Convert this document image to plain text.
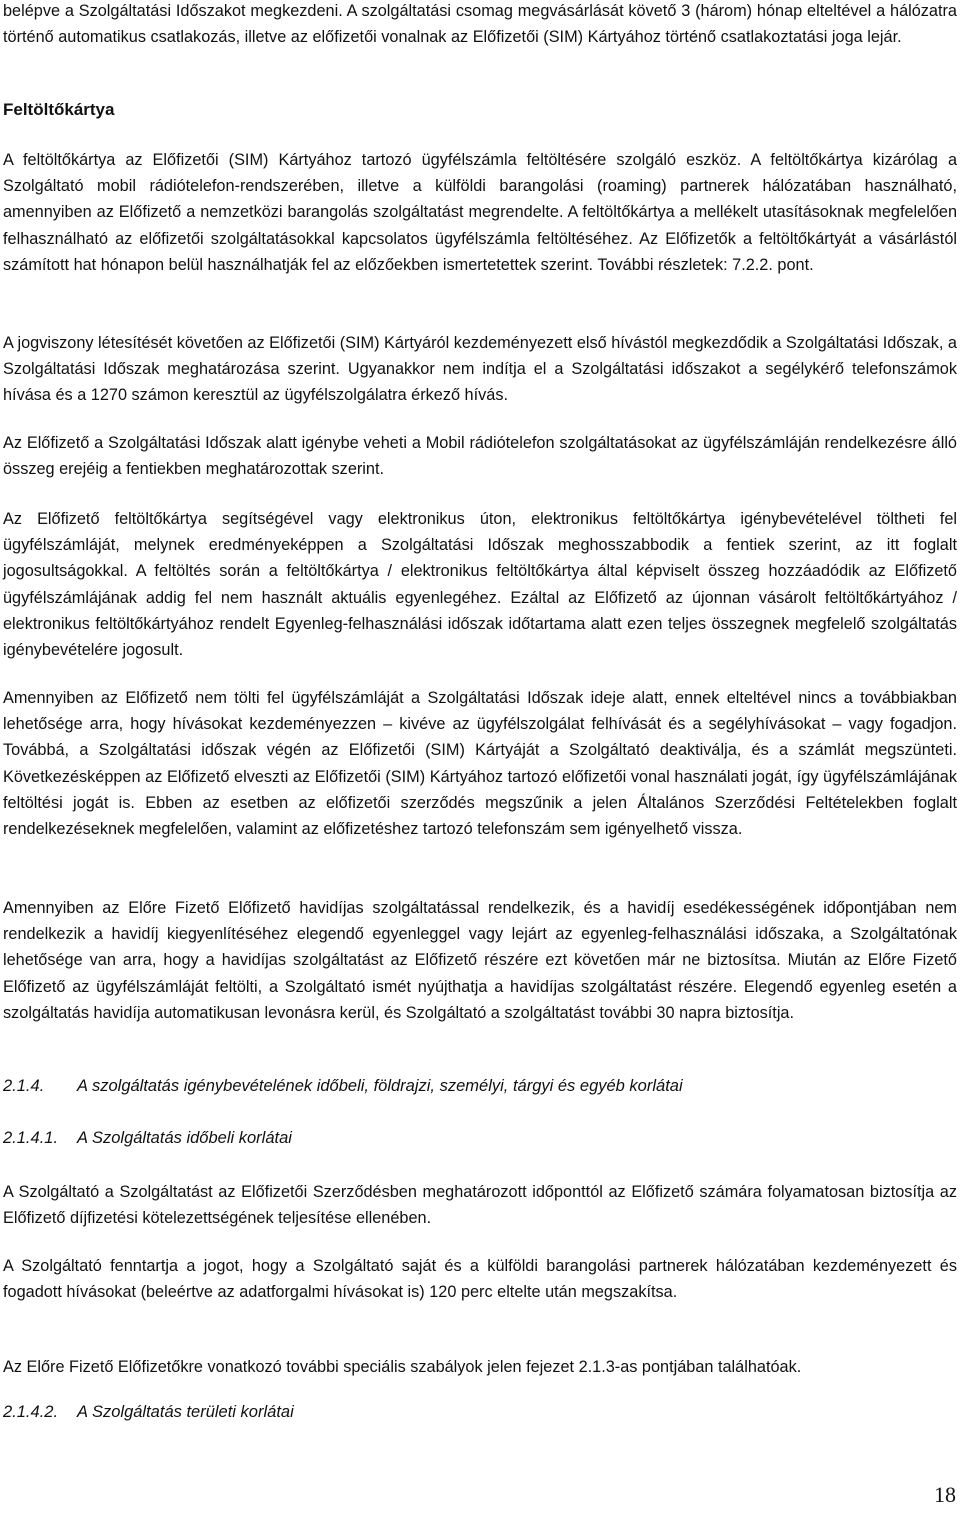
belépve a Szolgáltatási Időszakot megkezdeni. A szolgáltatási csomag megvásárlását követő 3 (három) hónap elteltével a hálózatra történő automatikus csatlakozás, illetve az előfizetői vonalnak az Előfizetői (SIM) Kártyához történő csatlakoztatási joga lejár.

Feltöltőkártya

A feltöltőkártya az Előfizetői (SIM) Kártyához tartozó ügyfélszámla feltöltésére szolgáló eszköz. A feltöltőkártya kizárólag a Szolgáltató mobil rádiótelefon-rendszerében, illetve a külföldi barangolási (roaming) partnerek hálózatában használható, amennyiben az Előfizető a nemzetközi barangolás szolgáltatást megrendelte. A feltöltőkártya a mellékelt utasításoknak megfelelően felhasználható az előfizetői szolgáltatásokkal kapcsolatos ügyfélszámla feltöltéséhez. Az Előfizetők a feltöltőkártyát a vásárlástól számított hat hónapon belül használhatják fel az előzőekben ismertetettek szerint. További részletek: 7.2.2. pont.

A jogviszony létesítését követően az Előfizetői (SIM) Kártyáról kezdeményezett első hívástól megkezdődik a Szolgáltatási Időszak, a Szolgáltatási Időszak meghatározása szerint. Ugyanakkor nem indítja el a Szolgáltatási időszakot a segélykérő telefonszámok hívása és a 1270 számon keresztül az ügyfélszolgálatra érkező hívás.

Az Előfizető a Szolgáltatási Időszak alatt igénybe veheti a Mobil rádiótelefon szolgáltatásokat az ügyfélszámláján rendelkezésre álló összeg erejéig a fentiekben meghatározottak szerint.

Az Előfizető feltöltőkártya segítségével vagy elektronikus úton, elektronikus feltöltőkártya igénybevételével töltheti fel ügyfélszámláját, melynek eredményeképpen a Szolgáltatási Időszak meghosszabbodik a fentiek szerint, az itt foglalt jogosultságokkal. A feltöltés során a feltöltőkártya / elektronikus feltöltőkártya által képviselt összeg hozzáadódik az Előfizető ügyfélszámlájának addig fel nem használt aktuális egyenlegéhez. Ezáltal az Előfizető az újonnan vásárolt feltöltőkártyához / elektronikus feltöltőkártyához rendelt Egyenleg-felhasználási időszak időtartama alatt ezen teljes összegnek megfelelő szolgáltatás igénybevételére jogosult.

Amennyiben az Előfizető nem tölti fel ügyfélszámláját a Szolgáltatási Időszak ideje alatt, ennek elteltével nincs a továbbiakban lehetősége arra, hogy hívásokat kezdeményezzen – kivéve az ügyfélszolgálat felhívását és a segélyhívásokat – vagy fogadjon. Továbbá, a Szolgáltatási időszak végén az Előfizetői (SIM) Kártyáját a Szolgáltató deaktiválja, és a számlát megszünteti. Következésképpen az Előfizető elveszti az Előfizetői (SIM) Kártyához tartozó előfizetői vonal használati jogát, így ügyfélszámlájának feltöltési jogát is. Ebben az esetben az előfizetői szerződés megszűnik a jelen Általános Szerződési Feltételekben foglalt rendelkezéseknek megfelelően, valamint az előfizetéshez tartozó telefonszám sem igényelhető vissza.

Amennyiben az Előre Fizető Előfizető havidíjas szolgáltatással rendelkezik, és a havidíj esedékességének időpontjában nem rendelkezik a havidíj kiegyenlítéséhez elegendő egyenleggel vagy lejárt az egyenleg-felhasználási időszaka, a Szolgáltatónak lehetősége van arra, hogy a havidíjas szolgáltatást az Előfizető részére ezt követően már ne biztosítsa. Miután az Előre Fizető Előfizető az ügyfélszámláját feltölti, a Szolgáltató ismét nyújthatja a havidíjas szolgáltatást részére. Elegendő egyenleg esetén a szolgáltatás havidíja automatikusan levonásra kerül, és Szolgáltató a szolgáltatást további 30 napra biztosítja.

2.1.4. A szolgáltatás igénybevételének időbeli, földrajzi, személyi, tárgyi és egyéb korlátai

2.1.4.1. A Szolgáltatás időbeli korlátai

A Szolgáltató a Szolgáltatást az Előfizetői Szerződésben meghatározott időponttól az Előfizető számára folyamatosan biztosítja az Előfizető díjfizetési kötelezettségének teljesítése ellenében.

A Szolgáltató fenntartja a jogot, hogy a Szolgáltató saját és a külföldi barangolási partnerek hálózatában kezdeményezett és fogadott hívásokat (beleértve az adatforgalmi hívásokat is) 120 perc eltelte után megszakítsa.

Az Előre Fizető Előfizetőkre vonatkozó további speciális szabályok jelen fejezet 2.1.3-as pontjában találhatóak.

2.1.4.2. A Szolgáltatás területi korlátai

18
